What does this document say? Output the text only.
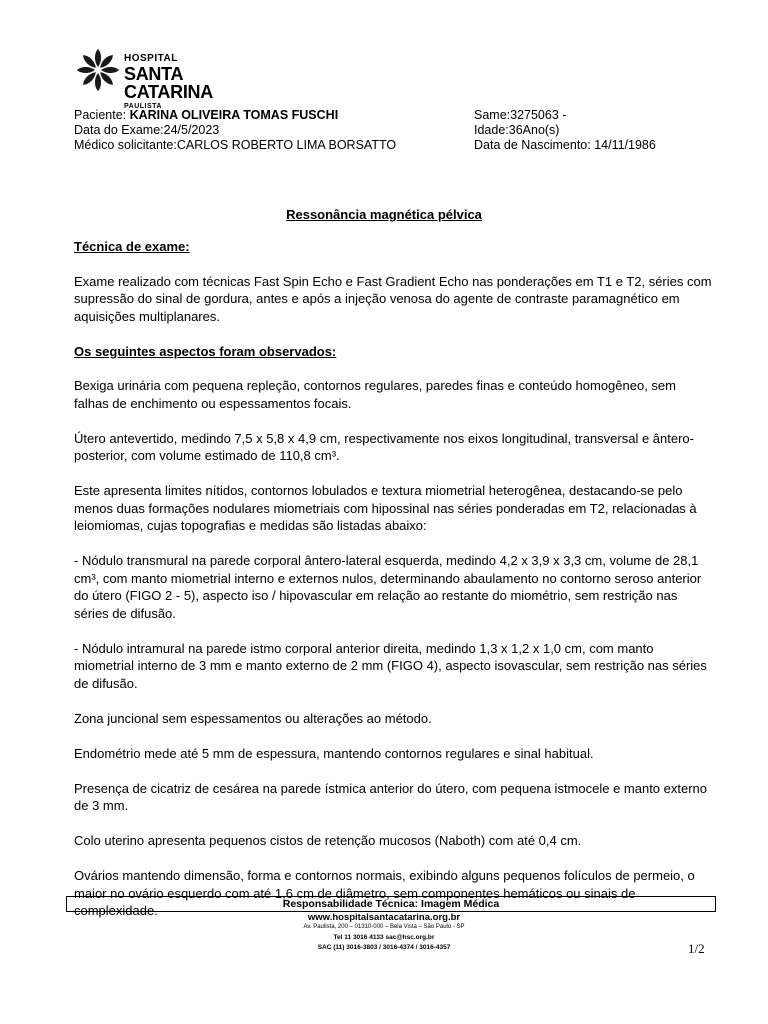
HOSPITAL
SANTA CATARINA
PAULISTA
Paciente: KARINA OLIVEIRA TOMAS FUSCHI
Data do Exame:24/5/2023
Médico solicitante:CARLOS ROBERTO LIMA BORSATTO
Same:3275063 -
Idade:36Ano(s)
Data de Nascimento: 14/11/1986
Ressonância magnética pélvica
Técnica de exame:

Exame realizado com técnicas Fast Spin Echo e Fast Gradient Echo nas ponderações em T1 e T2, séries com supressão do sinal de gordura, antes e após a injeção venosa do agente de contraste paramagnético em aquisições multiplanares.

Os seguintes aspectos foram observados:

Bexiga urinária com pequena repleção, contornos regulares, paredes finas e conteúdo homogêneo, sem falhas de enchimento ou espessamentos focais.

Útero antevertido, medindo 7,5 x 5,8 x 4,9 cm, respectivamente nos eixos longitudinal, transversal e ântero-posterior, com volume estimado de 110,8 cm³.

Este apresenta limites nítidos, contornos lobulados e textura miometrial heterogênea, destacando-se pelo menos duas formações nodulares miometriais com hipossinal nas séries ponderadas em T2, relacionadas à leiomiomas, cujas topografias e medidas são listadas abaixo:

- Nódulo transmural na parede corporal ântero-lateral esquerda, medindo 4,2 x 3,9 x 3,3 cm, volume de 28,1 cm³, com manto miometrial interno e externos nulos, determinando abaulamento no contorno seroso anterior do útero (FIGO 2 - 5), aspecto iso / hipovascular em relação ao restante do miométrio, sem restrição nas séries de difusão.

- Nódulo intramural na parede istmo corporal anterior direita, medindo 1,3 x 1,2 x 1,0 cm, com manto miometrial interno de 3 mm e manto externo de 2 mm (FIGO 4), aspecto isovascular, sem restrição nas séries de difusão.

Zona juncional sem espessamentos ou alterações ao método.

Endométrio mede até 5 mm de espessura, mantendo contornos regulares e sinal habitual.

Presença de cicatriz de cesárea na parede ístmica anterior do útero, com pequena istmocele e manto externo de 3 mm.

Colo uterino apresenta pequenos cistos de retenção mucosos (Naboth) com até 0,4 cm.

Ovários mantendo dimensão, forma e contornos normais, exibindo alguns pequenos folículos de permeio, o maior no ovário esquerdo com até 1,6 cm de diâmetro, sem componentes hemáticos ou sinais de complexidade.	Responsabilidade Técnica: Imagem Médica
www.hospitalsantacatarina.org.br
Av. Paulista, 200 – 01310-000 – Bela Vista – São Paulo - SP
Tel 11 3016 4133 sac@hsc.org.br
SAC (11) 3016-3803 / 3016-4374 / 3016-4357	1/2
